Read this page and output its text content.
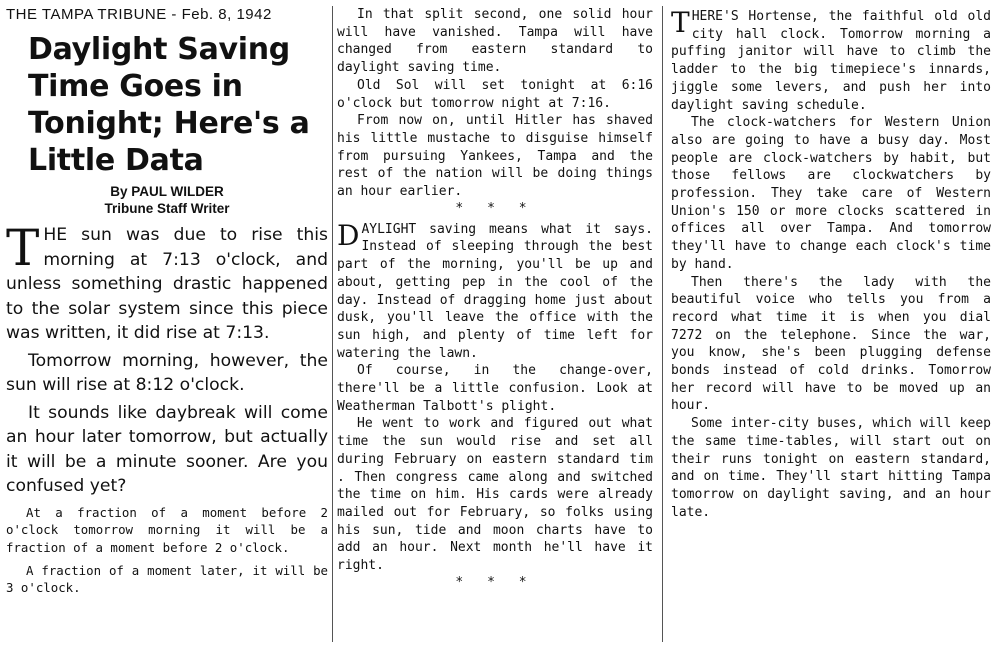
THE TAMPA TRIBUNE - Feb. 8, 1942
Daylight Saving Time Goes in Tonight; Here's a Little Data
By PAUL WILDER
Tribune Staff Writer

THE sun was due to rise this morning at 7:13 o'clock, and unless something drastic happened to the solar system since this piece was written, it did rise at 7:13.

Tomorrow morning, however, the sun will rise at 8:12 o'clock.

It sounds like daybreak will come an hour later tomorrow, but actually it will be a minute sooner. Are you confused yet?

At a fraction of a moment before 2 o'clock tomorrow morning it will be a fraction of a moment before 2 o'clock.

A fraction of a moment later, it will be 3 o'clock.

In that split second, one solid hour will have vanished. Tampa will have changed from eastern standard to daylight saving time.

Old Sol will set tonight at 6:16 o'clock but tomorrow night at 7:16.

From now on, until Hitler has shaved his little mustache to disguise himself from pursuing Yankees, Tampa and the rest of the nation will be doing things an hour earlier.

* * *

DAYLIGHT saving means what it says. Instead of sleeping through the best part of the morning, you'll be up and about, getting pep in the cool of the day. Instead of dragging home just about dusk, you'll leave the office with the sun high, and plenty of time left for watering the lawn.

Of course, in the change-over, there'll be a little confusion. Look at Weatherman Talbott's plight.

He went to work and figured out what time the sun would rise and set all during February on eastern standard tim . Then congress came along and switched the time on him. His cards were already mailed out for February, so folks using his sun, tide and moon charts have to add an hour. Next month he'll have it right.

* * *

THERE'S Hortense, the faithful old old city hall clock. Tomorrow morning a puffing janitor will have to climb the ladder to the big timepiece's innards, jiggle some levers, and push her into daylight saving schedule.

The clock-watchers for Western Union also are going to have a busy day. Most people are clock-watchers by habit, but those fellows are clockwatchers by profession. They take care of Western Union's 150 or more clocks scattered in offices all over Tampa. And tomorrow they'll have to change each clock's time by hand.

Then there's the lady with the beautiful voice who tells you from a record what time it is when you dial 7272 on the telephone. Since the war, you know, she's been plugging defense bonds instead of cold drinks. Tomorrow her record will have to be moved up an hour.

Some inter-city buses, which will keep the same time-tables, will start out on their runs tonight on eastern standard, and on time. They'll start hitting Tampa tomorrow on daylight saving, and an hour late.
